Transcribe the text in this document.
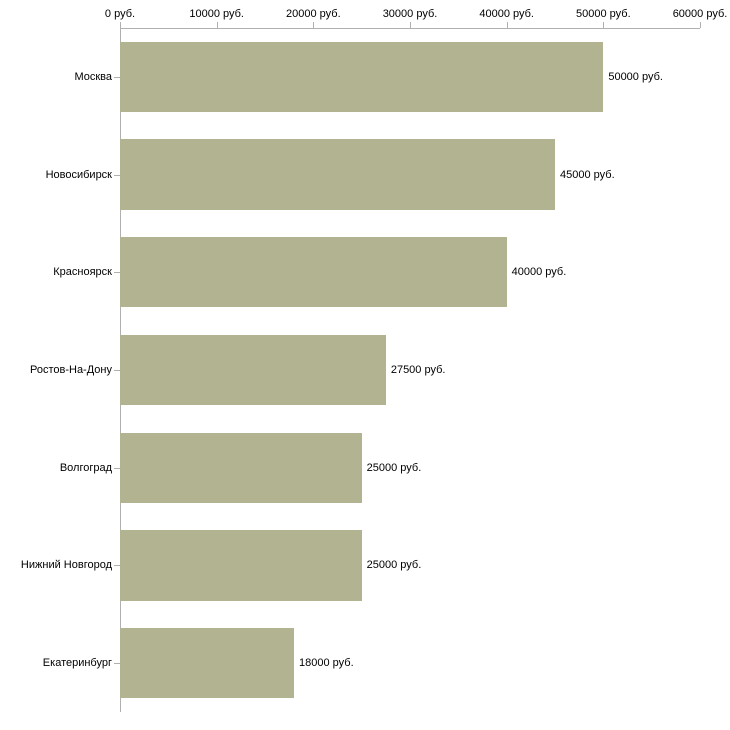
0 руб.	10000 руб.	20000 руб.	30000 руб.	40000 руб.	50000 руб.	60000 руб.
Москва
Новосибирск
Красноярск
Ростов-На-Дону
Волгоград
Нижний Новгород
Екатеринбург
50000 руб.
45000 руб.
40000 руб.
27500 руб.
25000 руб.
25000 руб.
18000 руб.
